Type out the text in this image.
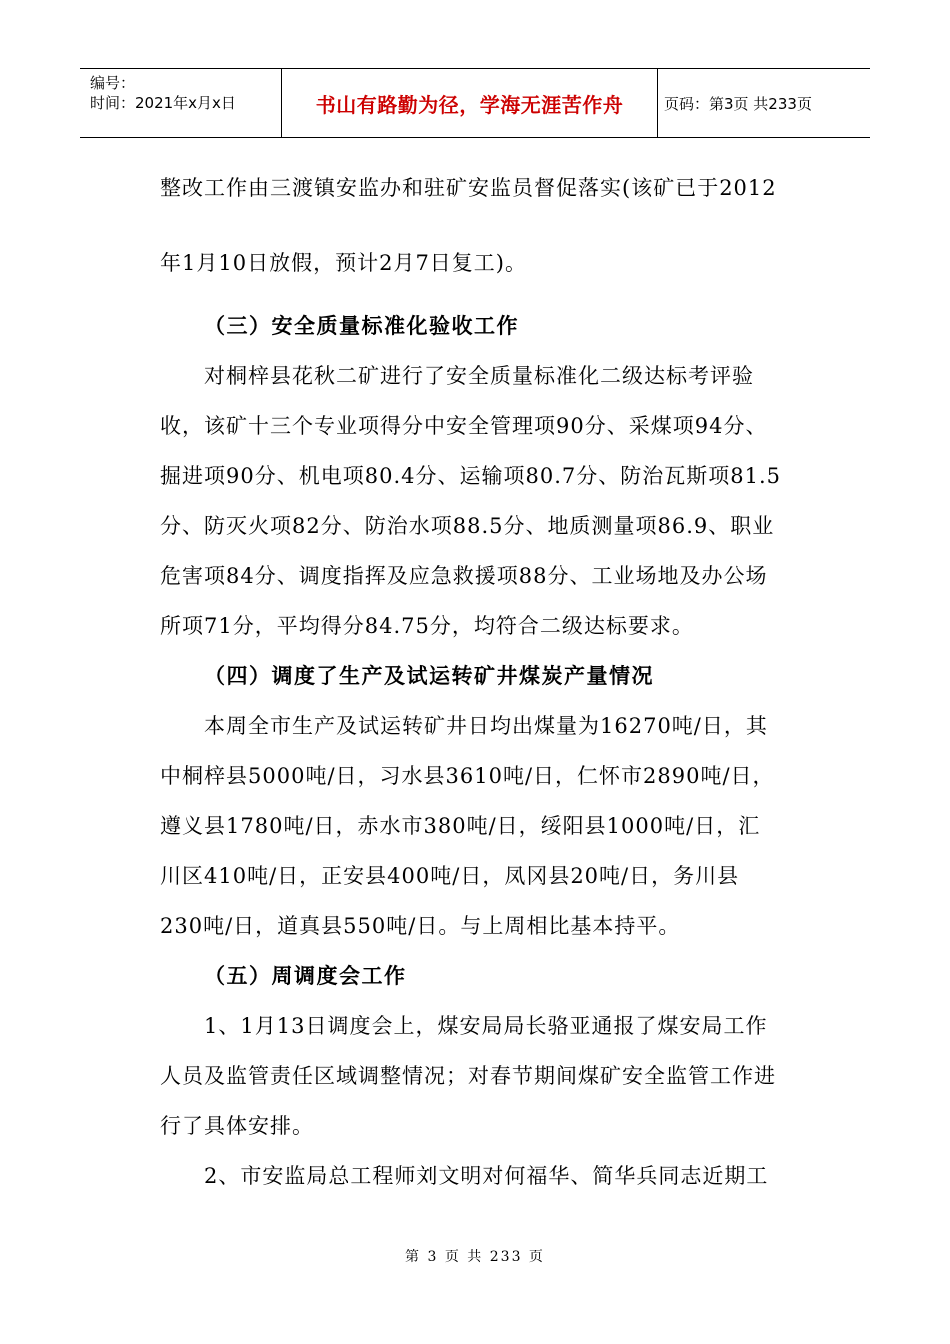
编号：
时间：2021年x月x日	书山有路勤为径，学海无涯苦作舟	页码：第3页 共233页
整改工作由三渡镇安监办和驻矿安监员督促落实(该矿已于2012
年1月10日放假，预计2月7日复工)。
（三）安全质量标准化验收工作
对桐梓县花秋二矿进行了安全质量标准化二级达标考评验
收，该矿十三个专业项得分中安全管理项90分、采煤项94分、
掘进项90分、机电项80.4分、运输项80.7分、防治瓦斯项81.5
分、防灭火项82分、防治水项88.5分、地质测量项86.9、职业
危害项84分、调度指挥及应急救援项88分、工业场地及办公场
所项71分，平均得分84.75分，均符合二级达标要求。
（四）调度了生产及试运转矿井煤炭产量情况
本周全市生产及试运转矿井日均出煤量为16270吨/日，其
中桐梓县5000吨/日，习水县3610吨/日，仁怀市2890吨/日，
遵义县1780吨/日，赤水市380吨/日，绥阳县1000吨/日，汇
川区410吨/日，正安县400吨/日，凤冈县20吨/日，务川县
230吨/日，道真县550吨/日。与上周相比基本持平。
（五）周调度会工作
1、1月13日调度会上，煤安局局长骆亚通报了煤安局工作
人员及监管责任区域调整情况；对春节期间煤矿安全监管工作进
行了具体安排。
2、市安监局总工程师刘文明对何福华、简华兵同志近期工
第 3 页 共 233 页
